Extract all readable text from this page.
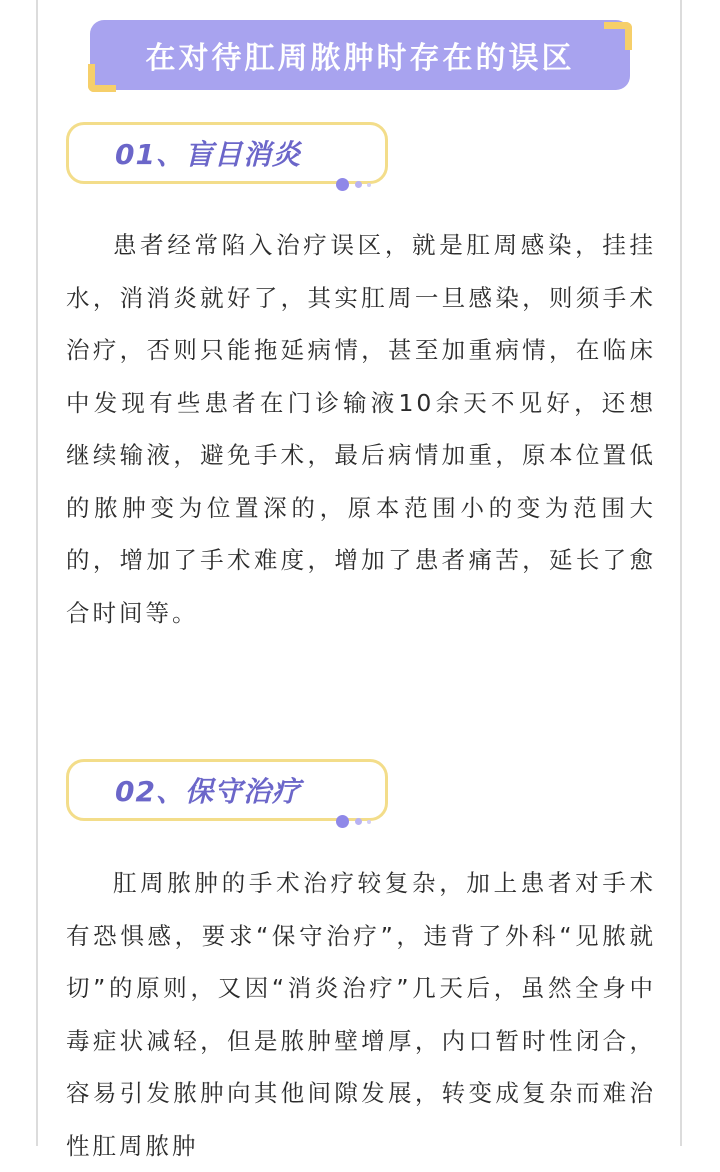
在对待肛周脓肿时存在的误区
01、盲目消炎

患者经常陷入治疗误区，就是肛周感染，挂挂水，消消炎就好了，其实肛周一旦感染，则须手术治疗，否则只能拖延病情，甚至加重病情，在临床中发现有些患者在门诊输液10余天不见好，还想继续输液，避免手术，最后病情加重，原本位置低的脓肿变为位置深的，原本范围小的变为范围大的，增加了手术难度，增加了患者痛苦，延长了愈合时间等。

02、保守治疗

肛周脓肿的手术治疗较复杂，加上患者对手术有恐惧感，要求“保守治疗”，违背了外科“见脓就切”的原则，又因“消炎治疗”几天后，虽然全身中毒症状减轻，但是脓肿壁增厚，内口暂时性闭合，容易引发脓肿向其他间隙发展，转变成复杂而难治性肛周脓肿
